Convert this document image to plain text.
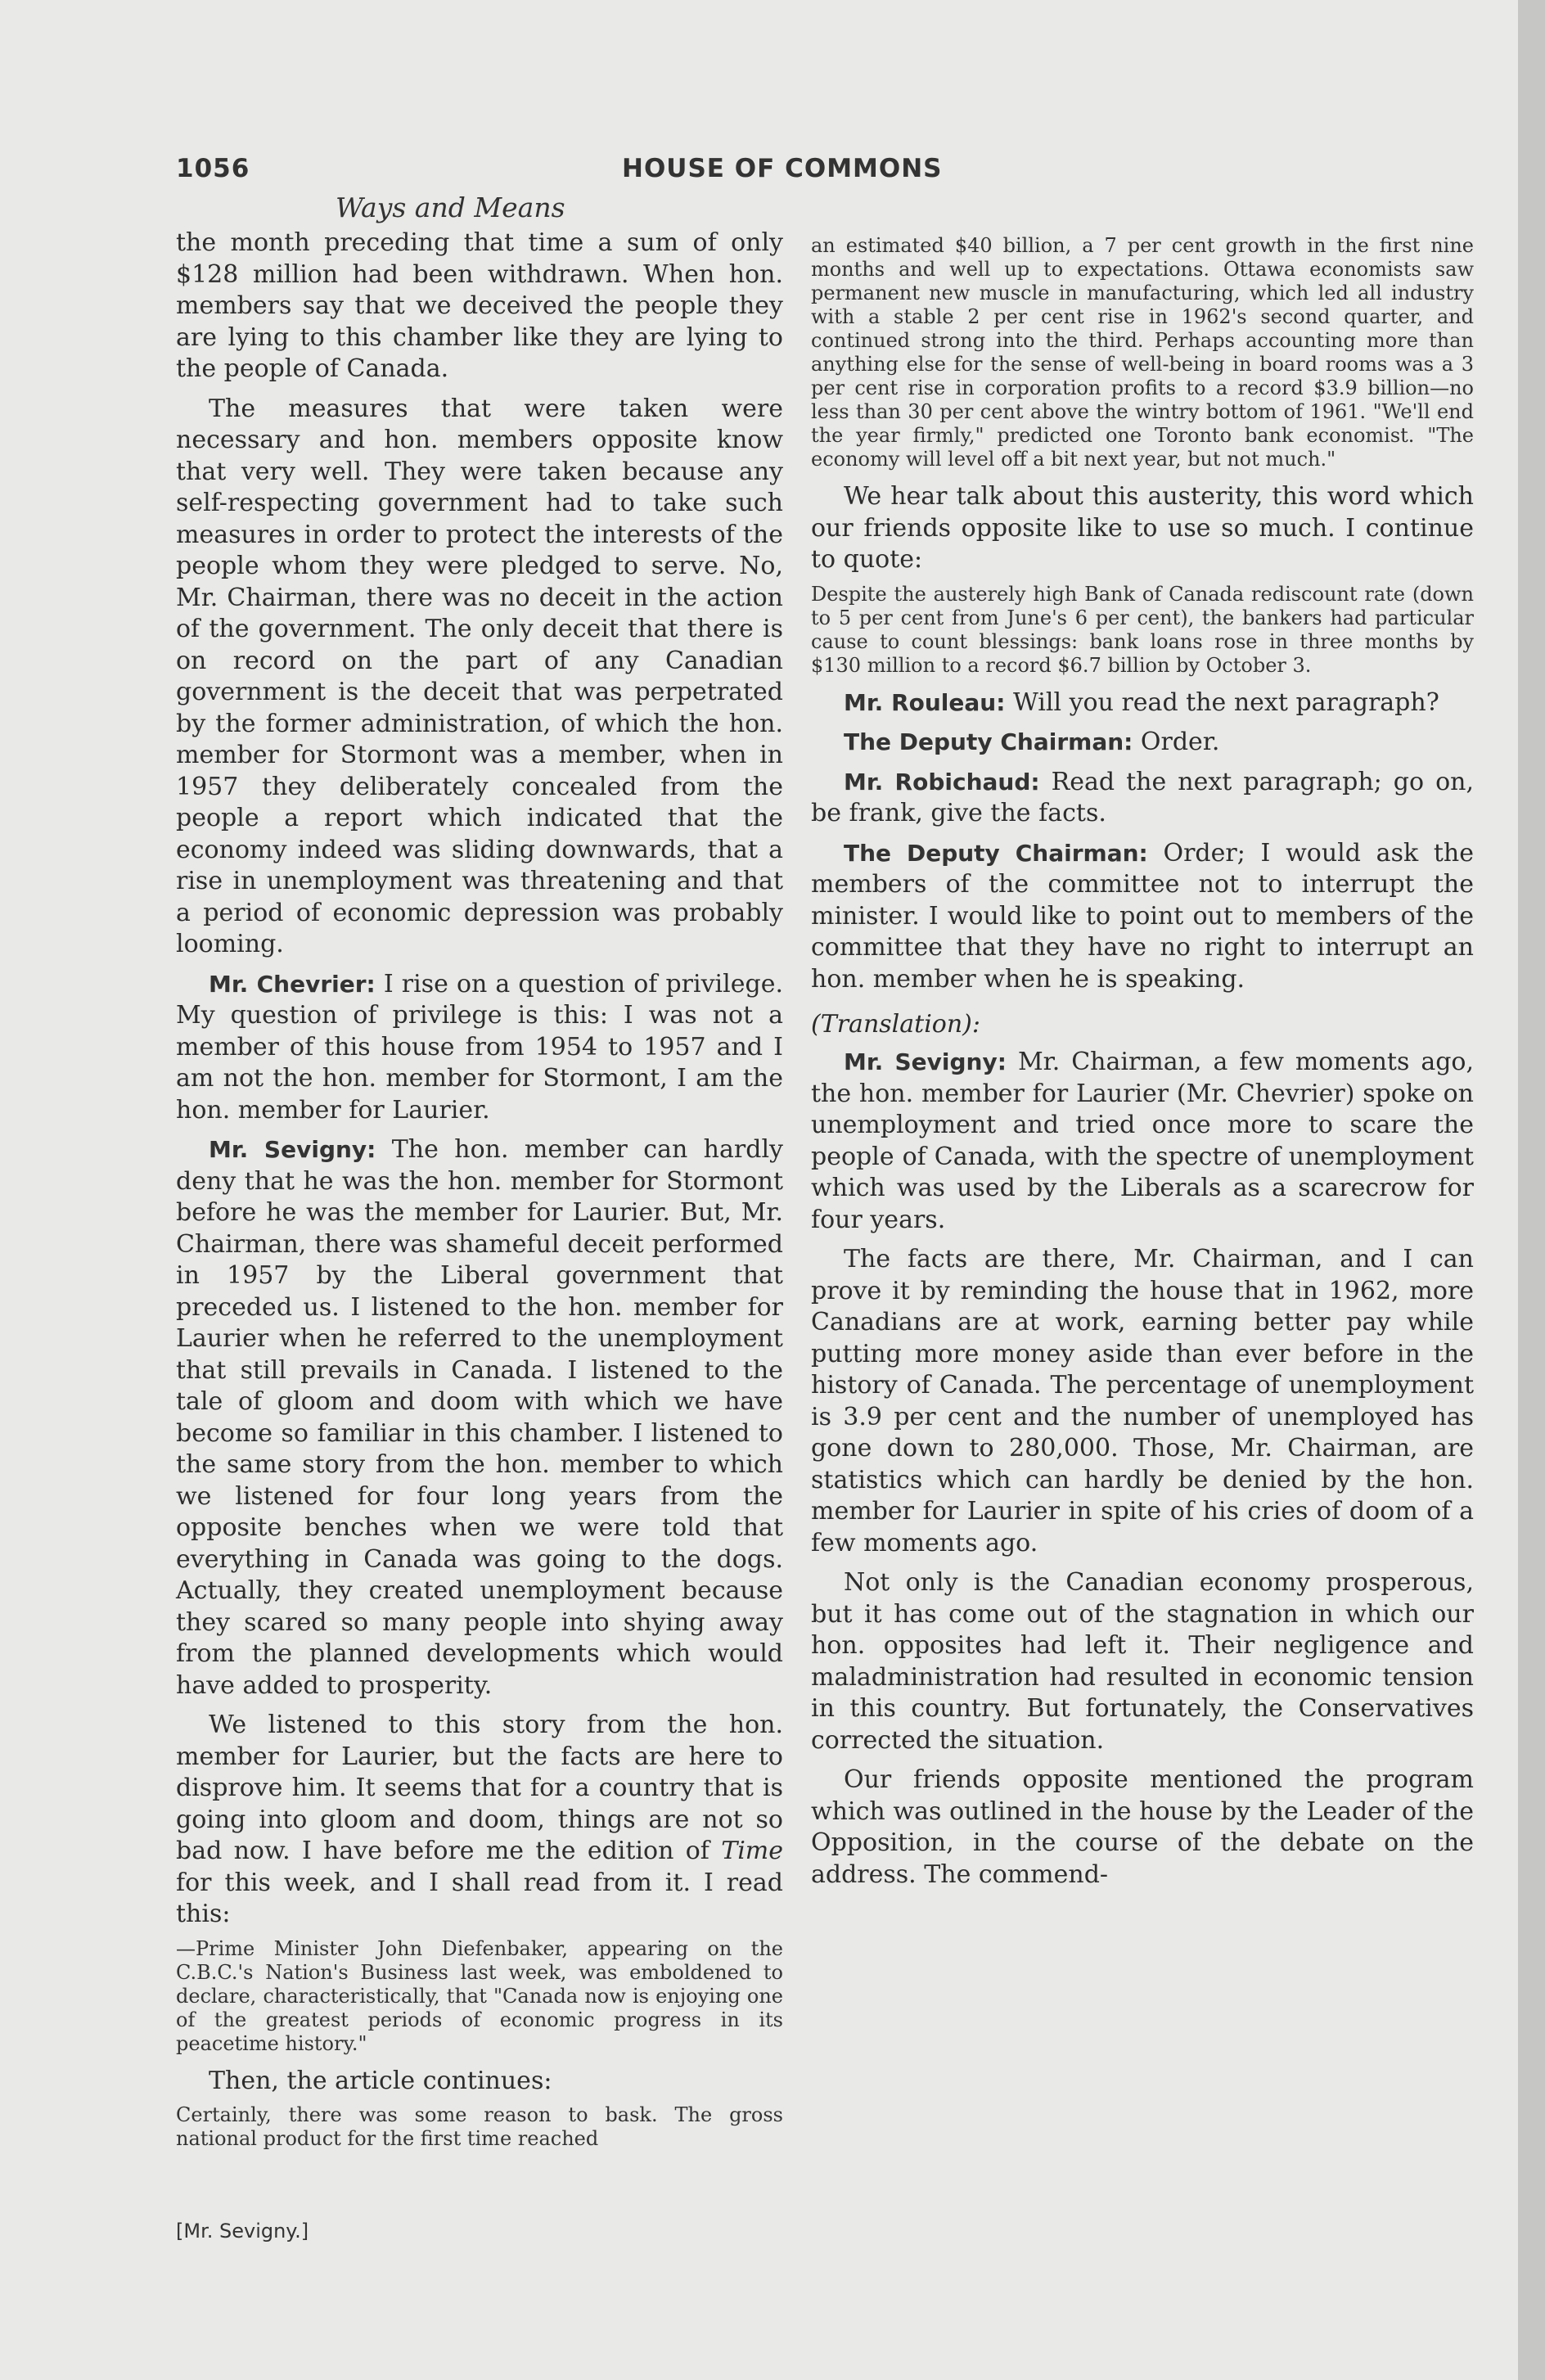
1056	HOUSE OF COMMONS
Ways and Means

the month preceding that time a sum of only $128 million had been withdrawn. When hon. members say that we deceived the people they are lying to this chamber like they are lying to the people of Canada.

The measures that were taken were necessary and hon. members opposite know that very well. They were taken because any self-respecting government had to take such measures in order to protect the interests of the people whom they were pledged to serve. No, Mr. Chairman, there was no deceit in the action of the government. The only deceit that there is on record on the part of any Canadian government is the deceit that was perpetrated by the former administration, of which the hon. member for Stormont was a member, when in 1957 they deliberately concealed from the people a report which indicated that the economy indeed was sliding downwards, that a rise in unemployment was threatening and that a period of economic depression was probably looming.

Mr. Chevrier: I rise on a question of privilege. My question of privilege is this: I was not a member of this house from 1954 to 1957 and I am not the hon. member for Stormont, I am the hon. member for Laurier.

Mr. Sevigny: The hon. member can hardly deny that he was the hon. member for Stormont before he was the member for Laurier. But, Mr. Chairman, there was shameful deceit performed in 1957 by the Liberal government that preceded us. I listened to the hon. member for Laurier when he referred to the unemployment that still prevails in Canada. I listened to the tale of gloom and doom with which we have become so familiar in this chamber. I listened to the same story from the hon. member to which we listened for four long years from the opposite benches when we were told that everything in Canada was going to the dogs. Actually, they created unemployment because they scared so many people into shying away from the planned developments which would have added to prosperity.

We listened to this story from the hon. member for Laurier, but the facts are here to disprove him. It seems that for a country that is going into gloom and doom, things are not so bad now. I have before me the edition of Time for this week, and I shall read from it. I read this:

—Prime Minister John Diefenbaker, appearing on the C.B.C.'s Nation's Business last week, was emboldened to declare, characteristically, that "Canada now is enjoying one of the greatest periods of economic progress in its peacetime history."

Then, the article continues:

Certainly, there was some reason to bask. The gross national product for the first time reached

an estimated $40 billion, a 7 per cent growth in the first nine months and well up to expectations. Ottawa economists saw permanent new muscle in manufacturing, which led all industry with a stable 2 per cent rise in 1962's second quarter, and continued strong into the third. Perhaps accounting more than anything else for the sense of well-being in board rooms was a 3 per cent rise in corporation profits to a record $3.9 billion—no less than 30 per cent above the wintry bottom of 1961. "We'll end the year firmly," predicted one Toronto bank economist. "The economy will level off a bit next year, but not much."

We hear talk about this austerity, this word which our friends opposite like to use so much. I continue to quote:

Despite the austerely high Bank of Canada rediscount rate (down to 5 per cent from June's 6 per cent), the bankers had particular cause to count blessings: bank loans rose in three months by $130 million to a record $6.7 billion by October 3.

Mr. Rouleau: Will you read the next paragraph?

The Deputy Chairman: Order.

Mr. Robichaud: Read the next paragraph; go on, be frank, give the facts.

The Deputy Chairman: Order; I would ask the members of the committee not to interrupt the minister. I would like to point out to members of the committee that they have no right to interrupt an hon. member when he is speaking.

(Translation):

Mr. Sevigny: Mr. Chairman, a few moments ago, the hon. member for Laurier (Mr. Chevrier) spoke on unemployment and tried once more to scare the people of Canada, with the spectre of unemployment which was used by the Liberals as a scarecrow for four years.

The facts are there, Mr. Chairman, and I can prove it by reminding the house that in 1962, more Canadians are at work, earning better pay while putting more money aside than ever before in the history of Canada. The percentage of unemployment is 3.9 per cent and the number of unemployed has gone down to 280,000. Those, Mr. Chairman, are statistics which can hardly be denied by the hon. member for Laurier in spite of his cries of doom of a few moments ago.

Not only is the Canadian economy prosperous, but it has come out of the stagnation in which our hon. opposites had left it. Their negligence and maladministration had resulted in economic tension in this country. But fortunately, the Conservatives corrected the situation.

Our friends opposite mentioned the program which was outlined in the house by the Leader of the Opposition, in the course of the debate on the address. The commend-

[Mr. Sevigny.]
